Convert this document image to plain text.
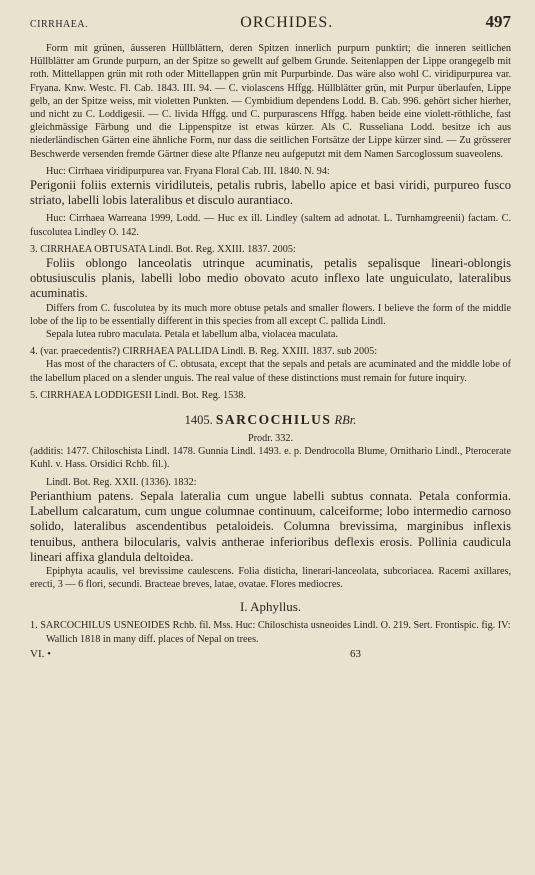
CIRRHAEA.	ORCHIDES.	497

Form mit grünen, äusseren Hüllblättern, deren Spitzen innerlich purpurn punktirt; die inneren seitlichen Hüllblätter am Grunde purpurn, an der Spitze so gewellt auf gelbem Grunde. Seitenlappen der Lippe orangegelb mit roth. Mittellappen grün mit roth oder Mittellappen grün mit Purpurbinde. Das wäre also wohl C. viridipurpurea var. Fryana. Knw. Westc. Fl. Cab. 1843. III. 94. — C. violascens Hffgg. Hüllblätter grün, mit Purpur überlaufen, Lippe gelb, an der Spitze weiss, mit violetten Punkten. — Cymbidium dependens Lodd. B. Cab. 996. gehört sicher hierher, und nicht zu C. Loddigesii. — C. livida Hffgg. und C. purpurascens Hffgg. haben beide eine violett-röthliche, fast gleichmässige Färbung und die Lippenspitze ist etwas kürzer. Als C. Russeliana Lodd. besitze ich aus niederländischen Gärten eine ähnliche Form, nur dass die seitlichen Fortsätze der Lippe kürzer sind. — Zu grösserer Beschwerde versenden fremde Gärtner diese alte Pflanze neu aufgeputzt mit dem Namen Sarcoglossum suaveolens.

Huc: Cirrhaea viridipurpurea var. Fryana Floral Cab. III. 1840. N. 94:

Perigonii foliis externis viridiluteis, petalis rubris, labello apice et basi viridi, purpureo fusco striato, labelli lobis lateralibus et disculo aurantiaco.

Huc: Cirrhaea Warreana 1999, Lodd. — Huc ex ill. Lindley (saltem ad adnotat. L. Turnhamgreenii) factam. C. fuscolutea Lindley O. 142.

3. CIRRHAEA OBTUSATA Lindl. Bot. Reg. XXIII. 1837. 2005:

Foliis oblongo lanceolatis utrinque acuminatis, petalis sepalisque lineari-oblongis obtusiusculis planis, labelli lobo medio obovato acuto inflexo late unguiculato, lateralibus acuminatis.

Differs from C. fuscolutea by its much more obtuse petals and smaller flowers. I believe the form of the middle lobe of the lip to be essentially different in this species from all except C. pallida Lindl.

Sepala lutea rubro maculata. Petala et labellum alba, violacea maculata.

4. (var. praecedentis?) CIRRHAEA PALLIDA Lindl. B. Reg. XXIII. 1837. sub 2005:

Has most of the characters of C. obtusata, except that the sepals and petals are acuminated and the middle lobe of the labellum placed on a slender unguis. The real value of these distinctions must remain for future inquiry.

5. CIRRHAEA LODDIGESII Lindl. Bot. Reg. 1538.

1405. SARCOCHILUS RBr.

Prodr. 332.

(additis: 1477. Chiloschista Lindl. 1478. Gunnia Lindl. 1493. e. p. Dendrocolla Blume, Ornithario Lindl., Pterocerate Kuhl. v. Hass. Orsidici Rchb. fil.).

Lindl. Bot. Reg. XXII. (1336). 1832:

Perianthium patens. Sepala lateralia cum ungue labelli subtus connata. Petala conformia. Labellum calcaratum, cum ungue columnae continuum, calceiforme; lobo intermedio carnoso solido, lateralibus ascendentibus petaloideis. Columna brevissima, marginibus inflexis tenuibus, anthera bilocularis, valvis antherae inferioribus deflexis erosis. Pollinia caudicula lineari affixa glandula deltoidea.

Epiphyta acaulis, vel brevissime caulescens. Folia disticha, linerari-lanceolata, subcoriacea. Racemi axillares, erecti, 3 — 6 flori, secundi. Bracteae breves, latae, ovatae. Flores mediocres.

I. Aphyllus.

1. SARCOCHILUS USNEOIDES Rchb. fil. Mss. Huc: Chiloschista usneoides Lindl. O. 219. Sert. Frontispic. fig. IV:

Wallich 1818 in many diff. places of Nepal on trees.

VI. •	63
